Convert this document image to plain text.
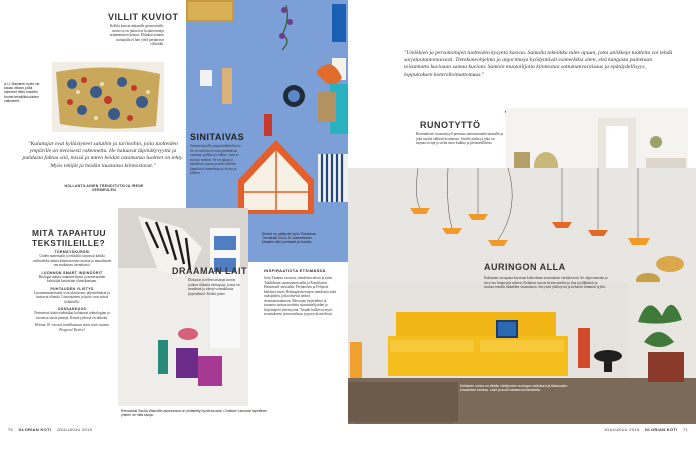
VILLIT KUVIOT
Kolkki kuosia ankaralle geometrialle, muita se on jakaa itse koukerointeja ornamenttien kanssa. Eläinkuvioinnin tuottajalla ei hän yield perinteiset villiöidät.
A.U. Maisterin hyvin vie kauas villaan, joilla lukeneet hiltta hoitettin tunnet tekstiilikuvioiden valkoiseet.
"Kuluttajat ovat kyllästyneet satuibin ja tarinoihin, joita tuotteiden ympärille on tietoisesti rakennettu. He haluavat läpinäkyvyyttä ja puhdasta faktaa sitä, missä ja miten heidän ostamansa tuotteet on tehty. Myös tekijät ja heidän taustansa kiinnostavat."
HOLLANTILAINEN TRENDITUTKIJA IRENE VERMEULEN
SINITAIVAS
Sinisen kirjolla ympäröidään kuvio. Se on niin kuvio vain pettämisen vaatima, puhdas ja raikas, vaan se mon ja merkin. Se on jakaa ja merkitsee tomaa ja rinta elävien jännittävä tunnelmaa ja viisaa ja jälleen.
Siniset on päätyvät myös Tiskurinan Trendiraitt 2014–15 -katseeltatan. Maalien värit puhtaasti ja ilmestä.
DRAAMAN LAIT
Elokuvat ja televisiosarjat tuovat joukon rikkaita väritapoja, joissa on trendeinä ja värejä voimakkaita järjestelmiä. Sisältö pätee.
Renoasvat Sacha Walcoftin asuinnossa on yhdistetty hyvät kuvatut. Christian Lacroixin tapettinen yhteen on niitä sivuja.
MITÄ TAPAHTUU TEKSTIILEILLE?
TÖRMÄYSKURSSI
Uuden materiaalit ja tekstiilit tarjoavat kaikki vaihtoehdot mutta kiinnostavuus tuottaa ja muunlaisen sen mukaisen itsenäisesti.
LUONNON SMART INSINÖÖRIT
Biologia auttaa suunnittelijoita ja materiaalien kehittäjiä kestävään yhteiskuntaan.
PUHTAUDEN YLISTYS
Luonnonmateriaalit ovat ulottuvuus järjestelmästä ja tuottavat elämää. Liinavaatteet ja hoito ovat niissä kehitteillä.
UUSSANKUUS
Perinteiset käsityötekniikat kohtaavat teknologian ja tuottavat uusia pintoja. Kestävyydessä on tärkeää.
Helmut 18 -messut trendikatsaus myös tänä vuonna Progress! Revive!
70 GLORIAN KOTI JOULUKUU 2015
"Uniikkien ja personoitujen tuotteiden kysyntä kasvaa. Samalla tekniikka tulee apuun, jotta uniikkeja tuotteita voi tehdä sarjatuotantomaisesti. Tietokoneohjelma ja algoritmeja hyödyntävät esimerkiksi siten, että kangasta painetaan toistamatta kuvioaan samaa kuviota. Samoin muotoilijoita kiinnostaa sattumanvaraisuus ja epätäydellisyys, loppuitoksen kontrolloimattomuus."
RUNOTYTTÖ
Romanttisen sisustustyyli perustaa ominaisuuden taustalla ja joka myötä välittää avoimesta. Sisältö jonka ja joka on tarjoaa sivuja ja sieltä sitoo kukkia ja perusteellisesti.
INSPIRAATIOTA ETSIMÄSSÄ
Jotta Taantuu on tuotu, trendeista niissä ja esim Tukholman sisustusmessuilla ja Frankfurtin Heimtextil-messuilla. Perinteisen ja Fehjerin kaltaiset myös Helsingin messujen trendeistä sekä tutkijoiden, jotka tekevät tiedon sisustustuotantoon. Messujen järjestelmä ja tuotanto tuottaa tuotteita suunnittelijoiden ja kirjoittajien yhteistyönä. Trendit kulkevat myös sisustukseen ja muotoiluun ja pysyvät mielessä.
AURINGON ALLA
Kultainen on tapana korostaa kokoelman sisustuksen värityksessä. Se ohjaa mustan ja sävy tuo lempeyttä arkeen. Keltaiset tuovat hyvän mielen ja iloa tyylikkäästi ja tuottaa trendin rikkaiden sisustuksen. Sävyissä yhdistyvät ja keltaiset lämmön tyyliä.
Keltainen sohva on tähtän väristyneen auringon valkoisen ja tilaisuuden kuvauksen kanssa. Lasit ja tuolit valaisevat kalusteita.
JOULUKUU 2015 GLORIAN KOTI 71
